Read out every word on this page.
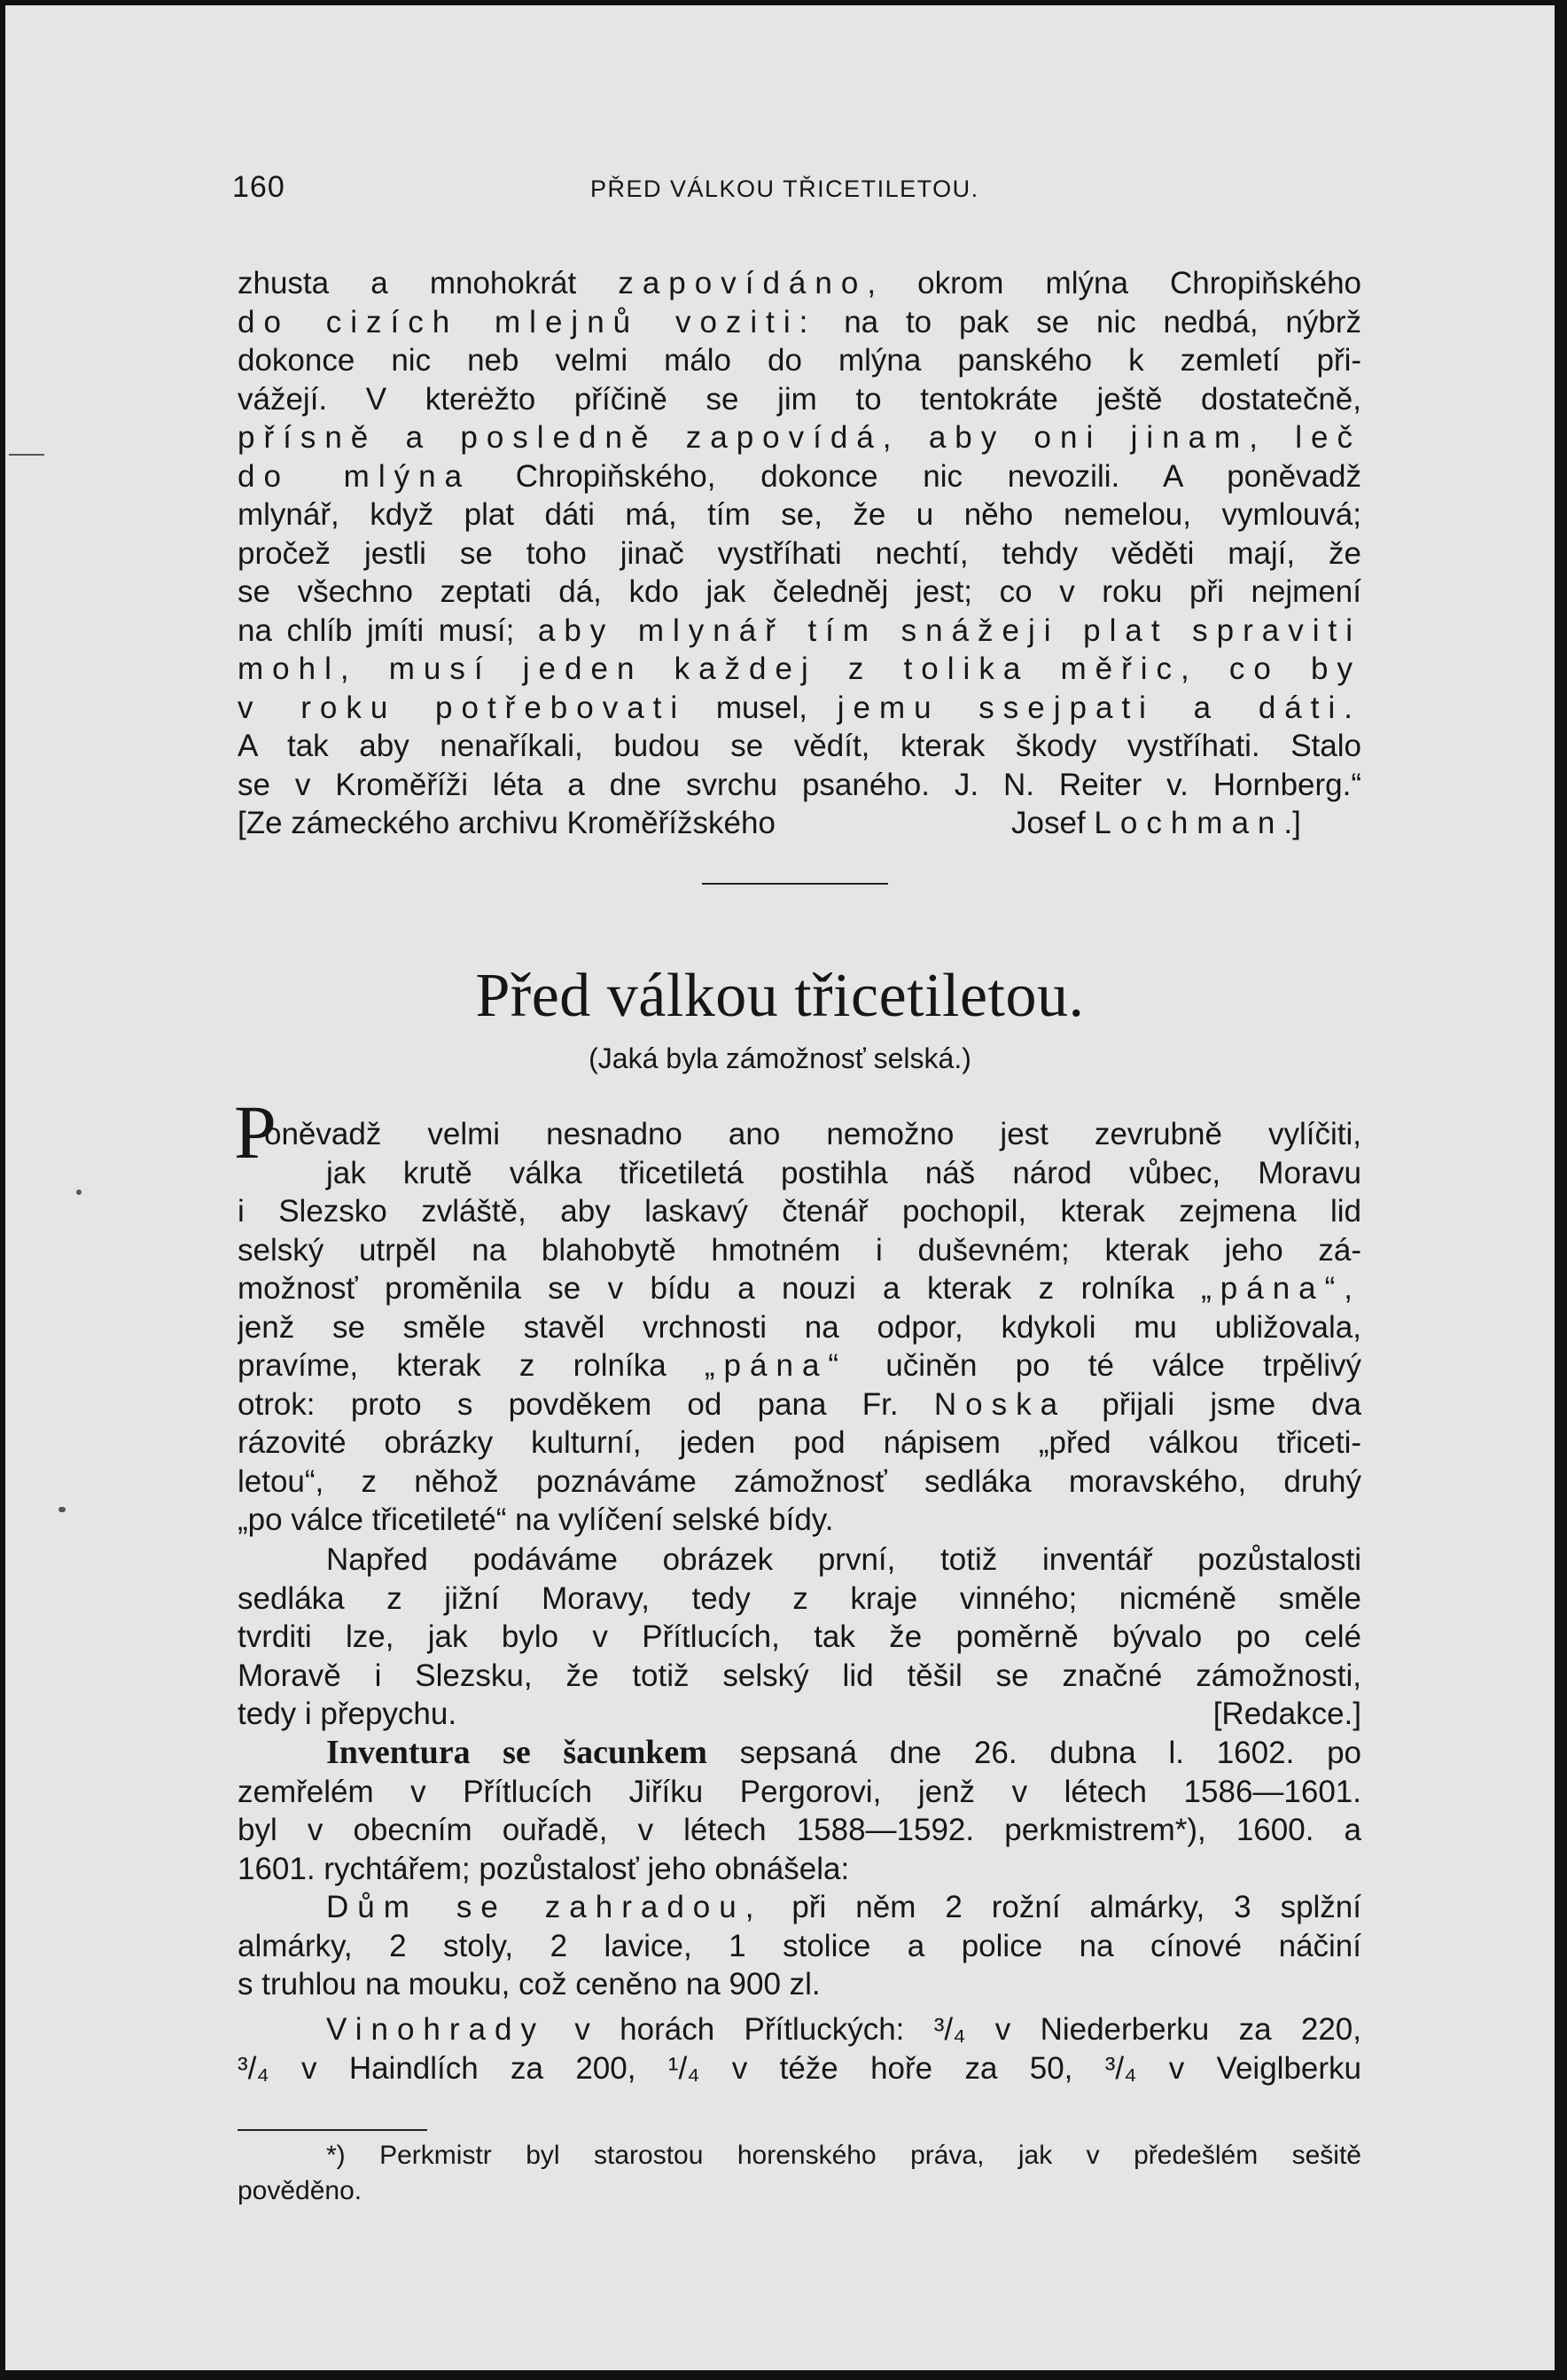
160	PŘED VÁLKOU TŘICETILETOU.
zhusta a mnohokrát zapovídáno, okrom mlýna Chropiňského
do cizích mlejnů voziti: na to pak se nic nedbá, nýbrž
dokonce nic neb velmi málo do mlýna panského k zemletí při-
vážejí. V kterėžto příčině se jim to tentokráte ještě dostatečně,
přísně a posledně zapovídá, aby oni jinam, leč
do mlýna Chropiňského, dokonce nic nevozili. A poněvadž
mlynář, když plat dáti má, tím se, že u něho nemelou, vymlouvá;
pročež jestli se toho jinač vystříhati nechtí, tehdy věděti mají, že
se všechno zeptati dá, kdo jak čeledněj jest; co v roku při nejmení
na chlíb jmíti musí; aby mlynář tím snážeji plat spraviti
mohl, musí jeden každej z tolika měřic, co by
v roku potřebovati musel, jemu ssejpati a dáti.
A tak aby nenaříkali, budou se vědít, kterak škody vystříhati. Stalo
se v Kroměříži léta a dne svrchu psaného. J. N. Reiter v. Hornberg.“
[Ze zámeckého archivu Kroměřížského	Josef Lochman.]
Před válkou třicetiletou.
(Jaká byla zámožnosť selská.)
P
oněvadž velmi nesnadno ano nemožno jest zevrubně vylíčiti,
jak krutě válka třicetiletá postihla náš národ vůbec, Moravu
i Slezsko zvláště, aby laskavý čtenář pochopil, kterak zejmena lid
selský utrpěl na blahobytě hmotném i duševném; kterak jeho zá-
možnosť proměnila se v bídu a nouzi a kterak z rolníka „pána“,
jenž se směle stavěl vrchnosti na odpor, kdykoli mu ubližovala,
pravíme, kterak z rolníka „pána“ učiněn po té válce trpělivý
otrok: proto s povděkem od pana Fr. Noska přijali jsme dva
rázovité obrázky kulturní, jeden pod nápisem „před válkou třiceti-
letou“, z něhož poznáváme zámožnosť sedláka moravského, druhý
„po válce třicetileté“ na vylíčení selské bídy.
Napřed podáváme obrázek první, totiž inventář pozůstalosti
sedláka z jižní Moravy, tedy z kraje vinného; nicméně směle
tvrditi lze, jak bylo v Přítlucích, tak že poměrně bývalo po celé
Moravě i Slezsku, že totiž selský lid těšil se značné zámožnosti,
tedy i přepychu.	[Redakce.]
Inventura se šacunkem sepsaná dne 26. dubna l. 1602. po
zemřelém v Přítlucích Jiříku Pergorovi, jenž v létech 1586—1601.
byl v obecním ouřadě, v létech 1588—1592. perkmistrem*), 1600. a
1601. rychtářem; pozůstalosť jeho obnášela:
Dům se zahradou, při něm 2 rožní almárky, 3 splžní
almárky, 2 stoly, 2 lavice, 1 stolice a police na cínové náčiní
s truhlou na mouku, což ceněno na 900 zl.
Vinohrady v horách Přítluckých: ³/₄ v Niederberku za 220,
³/₄ v Haindlích za 200, ¹/₄ v téže hoře za 50, ³/₄ v Veiglberku
*) Perkmistr byl starostou horenského práva, jak v předešlém sešitě
pověděno.
